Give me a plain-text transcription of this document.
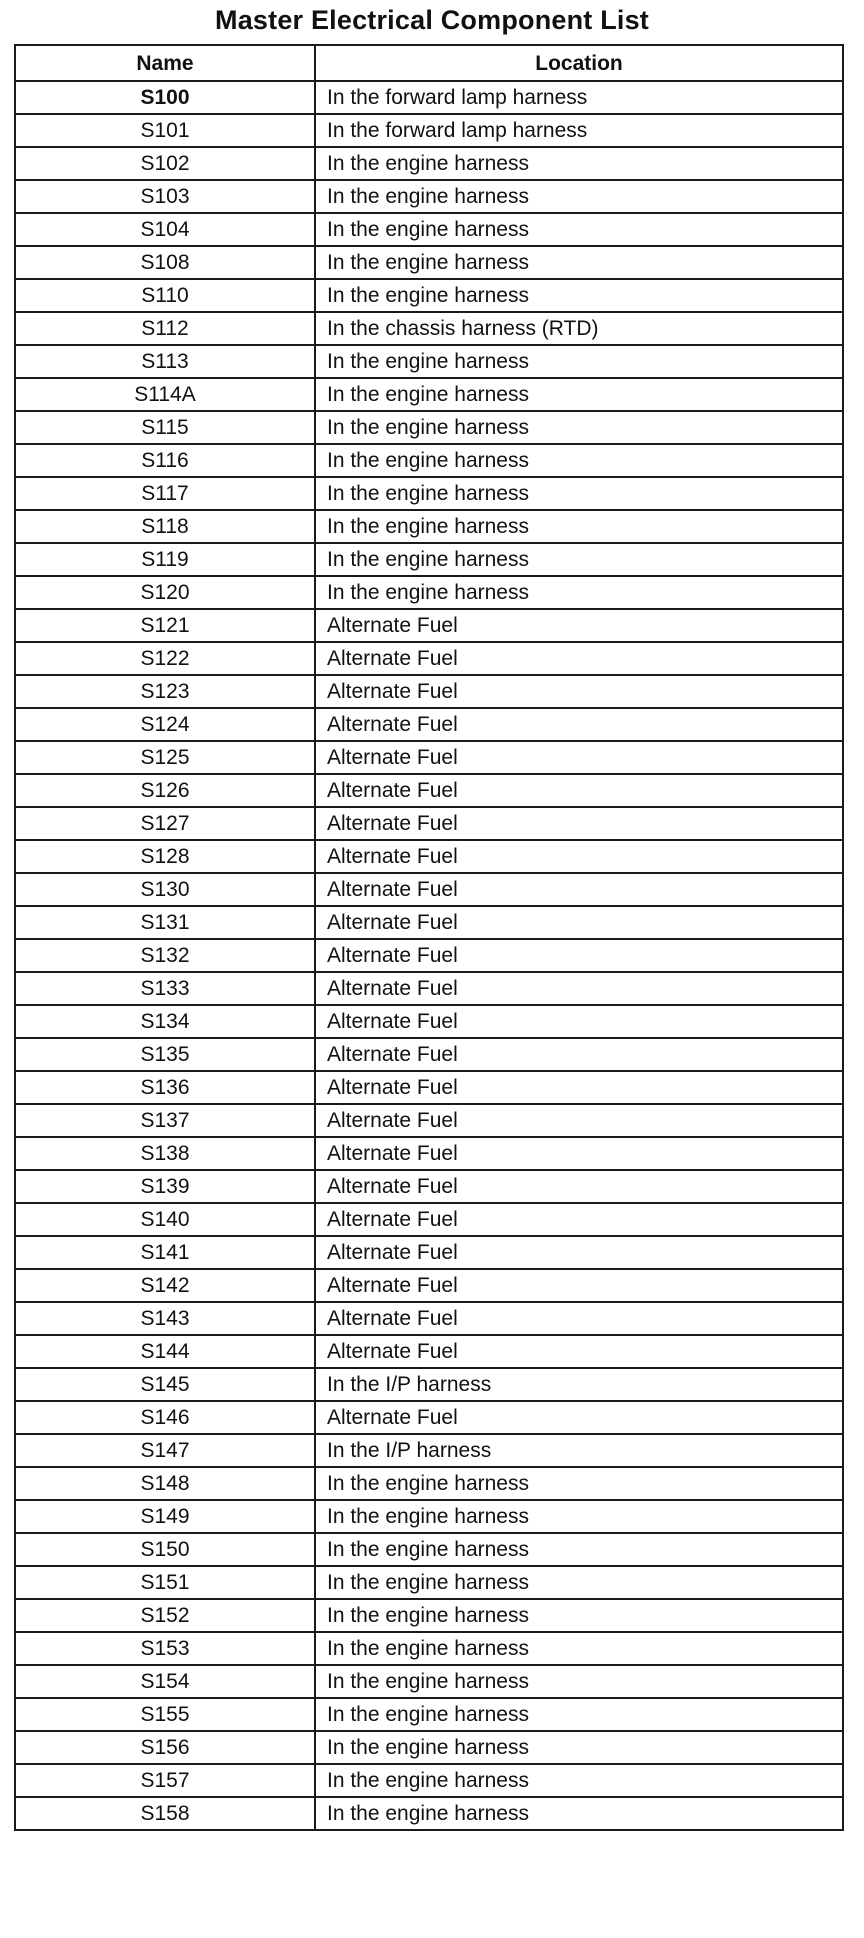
Master Electrical Component List
Name	Location
S100	In the forward lamp harness
S101	In the forward lamp harness
S102	In the engine harness
S103	In the engine harness
S104	In the engine harness
S108	In the engine harness
S110	In the engine harness
S112	In the chassis harness (RTD)
S113	In the engine harness
S114A	In the engine harness
S115	In the engine harness
S116	In the engine harness
S117	In the engine harness
S118	In the engine harness
S119	In the engine harness
S120	In the engine harness
S121	Alternate Fuel
S122	Alternate Fuel
S123	Alternate Fuel
S124	Alternate Fuel
S125	Alternate Fuel
S126	Alternate Fuel
S127	Alternate Fuel
S128	Alternate Fuel
S130	Alternate Fuel
S131	Alternate Fuel
S132	Alternate Fuel
S133	Alternate Fuel
S134	Alternate Fuel
S135	Alternate Fuel
S136	Alternate Fuel
S137	Alternate Fuel
S138	Alternate Fuel
S139	Alternate Fuel
S140	Alternate Fuel
S141	Alternate Fuel
S142	Alternate Fuel
S143	Alternate Fuel
S144	Alternate Fuel
S145	In the I/P harness
S146	Alternate Fuel
S147	In the I/P harness
S148	In the engine harness
S149	In the engine harness
S150	In the engine harness
S151	In the engine harness
S152	In the engine harness
S153	In the engine harness
S154	In the engine harness
S155	In the engine harness
S156	In the engine harness
S157	In the engine harness
S158	In the engine harness
